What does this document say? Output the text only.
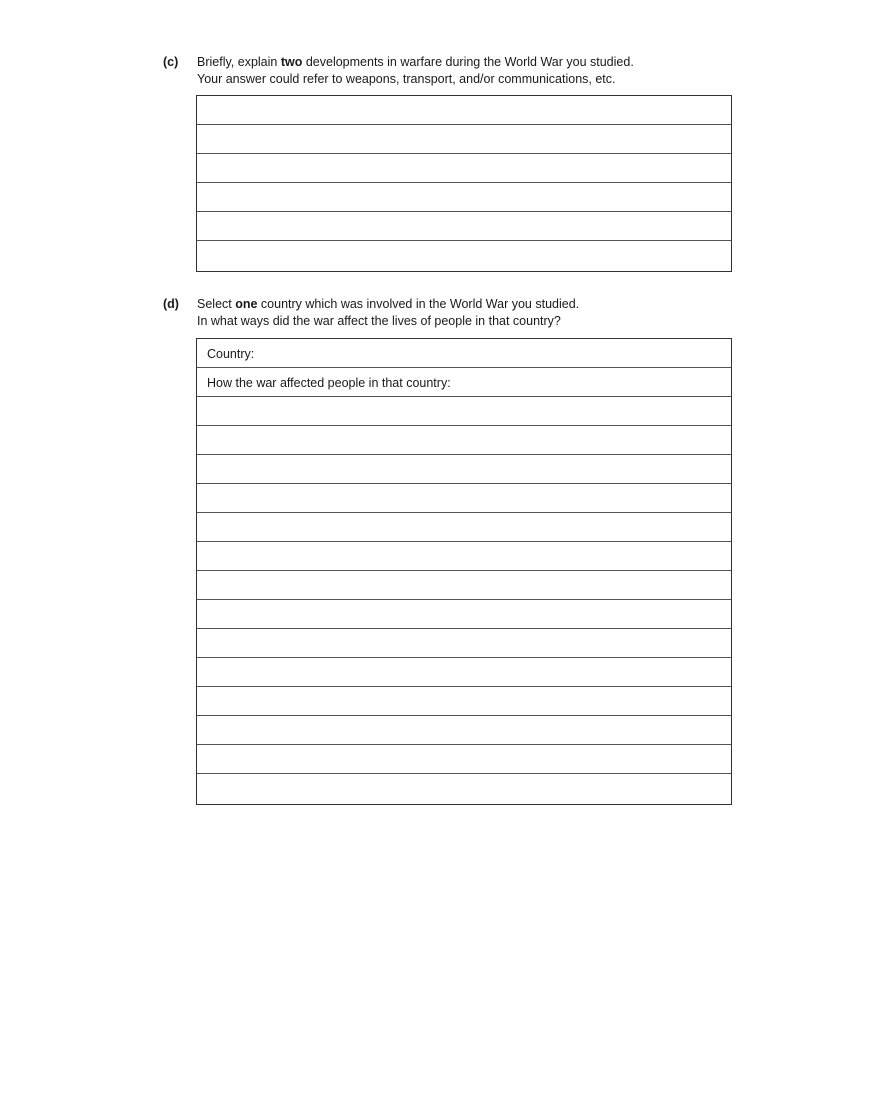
(c) Briefly, explain two developments in warfare during the World War you studied.
Your answer could refer to weapons, transport, and/or communications, etc.
(d) Select one country which was involved in the World War you studied.
In what ways did the war affect the lives of people in that country?
Country:
How the war affected people in that country:
